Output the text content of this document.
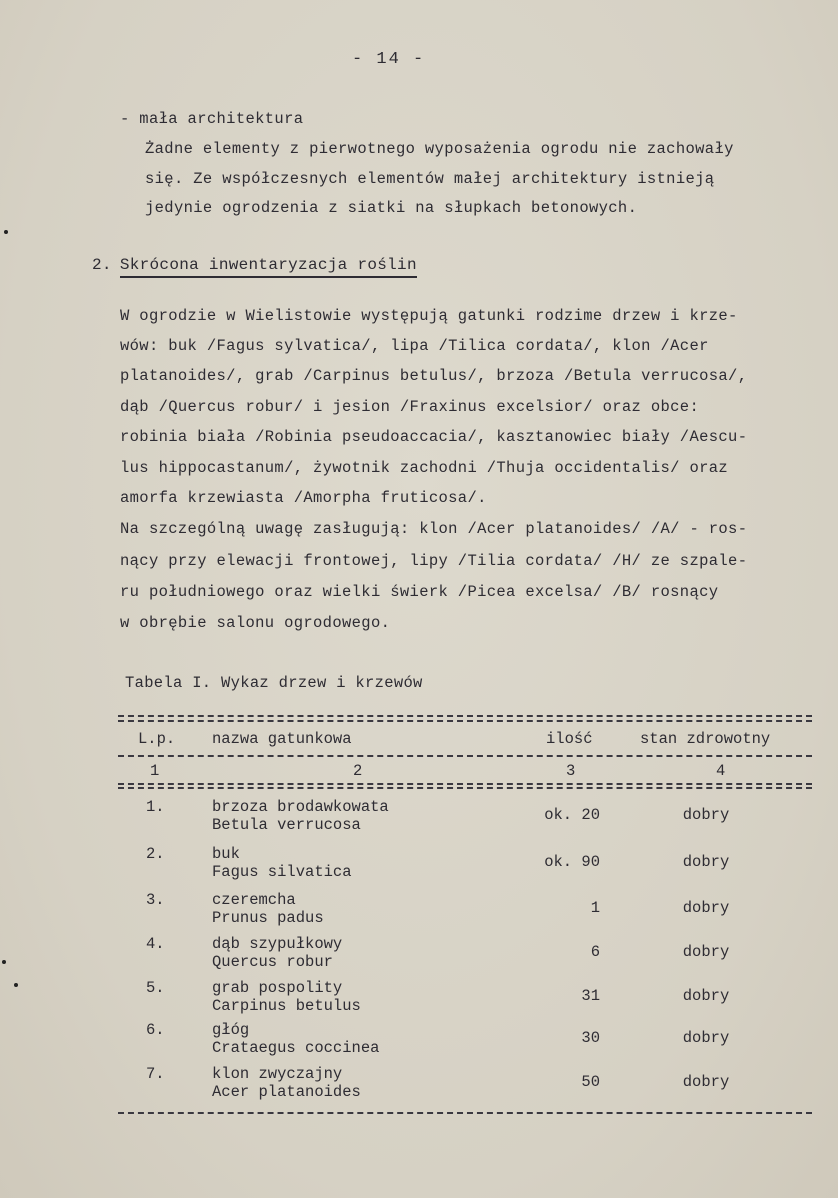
- 14 -
- mała architektura
Żadne elementy z pierwotnego wyposażenia ogrodu nie zachowały
się. Ze współczesnych elementów małej architektury istnieją
jedynie ogrodzenia z siatki na słupkach betonowych.
2. Skrócona inwentaryzacja roślin
W ogrodzie w Wielistowie występują gatunki rodzime drzew i krze-
wów: buk /Fagus sylvatica/, lipa /Tilica cordata/, klon /Acer
platanoides/, grab /Carpinus betulus/, brzoza /Betula verrucosa/,
dąb /Quercus robur/ i jesion /Fraxinus excelsior/ oraz obce:
robinia biała /Robinia pseudoaccacia/, kasztanowiec biały /Aescu-
lus hippocastanum/, żywotnik zachodni /Thuja occidentalis/ oraz
amorfa krzewiasta /Amorpha fruticosa/.
Na szczególną uwagę zasługują: klon /Acer platanoides/ /A/ - ros-
nący przy elewacji frontowej, lipy /Tilia cordata/ /H/ ze szpale-
ru południowego oraz wielki świerk /Picea excelsa/ /B/ rosnący
w obrębie salonu ogrodowego.
Tabela I. Wykaz drzew i krzewów
L.p. nazwa gatunkowa	ilość	stan zdrowotny
1	2	3	4
1.	brzoza brodawkowata
Betula verrucosa
ok. 20	dobry
2.	buk
Fagus silvatica
ok. 90	dobry
3.	czeremcha
Prunus padus
1	dobry
4.	dąb szypułkowy
Quercus robur
6	dobry
5.	grab pospolity
Carpinus betulus
31	dobry
6.	głóg
Crataegus coccinea
30	dobry
7.	klon zwyczajny
Acer platanoides
50	dobry
